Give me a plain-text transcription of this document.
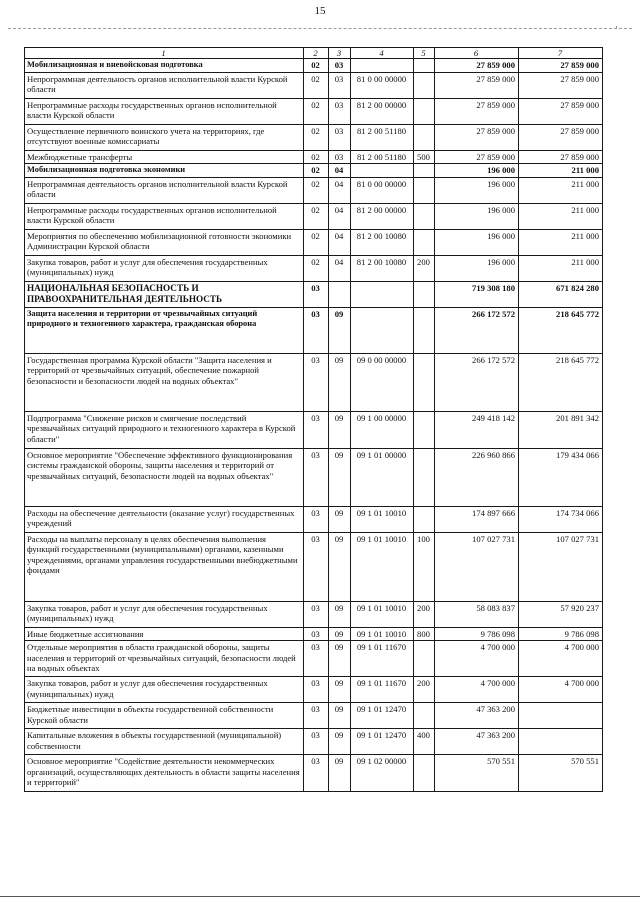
15
·
1	2	3	4	5	6	7
Мобилизационная и вневойсковая подготовка	02	03			27 859 000	27 859 000
Непрограммная деятельность органов исполнительной власти Курской области	02	03	81 0 00 00000		27 859 000	27 859 000
Непрограммные расходы государственных органов исполнительной власти Курской области	02	03	81 2 00 00000		27 859 000	27 859 000
Осуществление первичного воинского учета на территориях, где отсутствуют военные комиссариаты	02	03	81 2 00 51180		27 859 000	27 859 000
Межбюджетные трансферты	02	03	81 2 00 51180	500	27 859 000	27 859 000
Мобилизационная подготовка экономики	02	04			196 000	211 000
Непрограммная деятельность органов исполнительной власти Курской области	02	04	81 0 00 00000		196 000	211 000
Непрограммные расходы государственных органов исполнительной власти Курской области	02	04	81 2 00 00000		196 000	211 000
Мероприятия по обеспечению мобилизационной готовности экономики Администрации Курской области	02	04	81 2 00 10080		196 000	211 000
Закупка товаров, работ и услуг для обеспечения государственных (муниципальных) нужд	02	04	81 2 00 10080	200	196 000	211 000
НАЦИОНАЛЬНАЯ БЕЗОПАСНОСТЬ И ПРАВООХРАНИТЕЛЬНАЯ ДЕЯТЕЛЬНОСТЬ	03				719 308 180	671 824 280
Защита населения и территории от чрезвычайных ситуаций природного и техногенного характера, гражданская оборона	03	09			266 172 572	218 645 772
Государственная программа Курской области "Защита населения и территорий от чрезвычайных ситуаций, обеспечение пожарной безопасности и безопасности людей на водных объектах"	03	09	09 0 00 00000		266 172 572	218 645 772
Подпрограмма "Снижение рисков и смягчение последствий чрезвычайных ситуаций природного и техногенного характера в Курской области"	03	09	09 1 00 00000		249 418 142	201 891 342
Основное мероприятие "Обеспечение эффективного функционирования системы гражданской обороны, защиты населения и территорий от чрезвычайных ситуаций, безопасности людей на водных объектах"	03	09	09 1 01 00000		226 960 866	179 434 066
Расходы на обеспечение деятельности (оказание услуг) государственных учреждений	03	09	09 1 01 10010		174 897 666	174 734 066
Расходы на выплаты персоналу в целях обеспечения выполнения функций государственными (муниципальными) органами, казенными учреждениями, органами управления государственными внебюджетными фондами	03	09	09 1 01 10010	100	107 027 731	107 027 731
Закупка товаров, работ и услуг для обеспечения государственных (муниципальных) нужд	03	09	09 1 01 10010	200	58 083 837	57 920 237
Иные бюджетные ассигнования	03	09	09 1 01 10010	800	9 786 098	9 786 098
Отдельные мероприятия в области гражданской обороны, защиты населения и территорий от чрезвычайных ситуаций, безопасности людей на водных объектах	03	09	09 1 01 11670		4 700 000	4 700 000
Закупка товаров, работ и услуг для обеспечения государственных (муниципальных) нужд	03	09	09 1 01 11670	200	4 700 000	4 700 000
Бюджетные инвестиции в объекты государственной собственности Курской области	03	09	09 1 01 12470		47 363 200	
Капитальные вложения в объекты государственной (муниципальной) собственности	03	09	09 1 01 12470	400	47 363 200	
Основное мероприятие "Содействие деятельности некоммерческих организаций, осуществляющих деятельность в области защиты населения и территорий"	03	09	09 1 02 00000		570 551	570 551
